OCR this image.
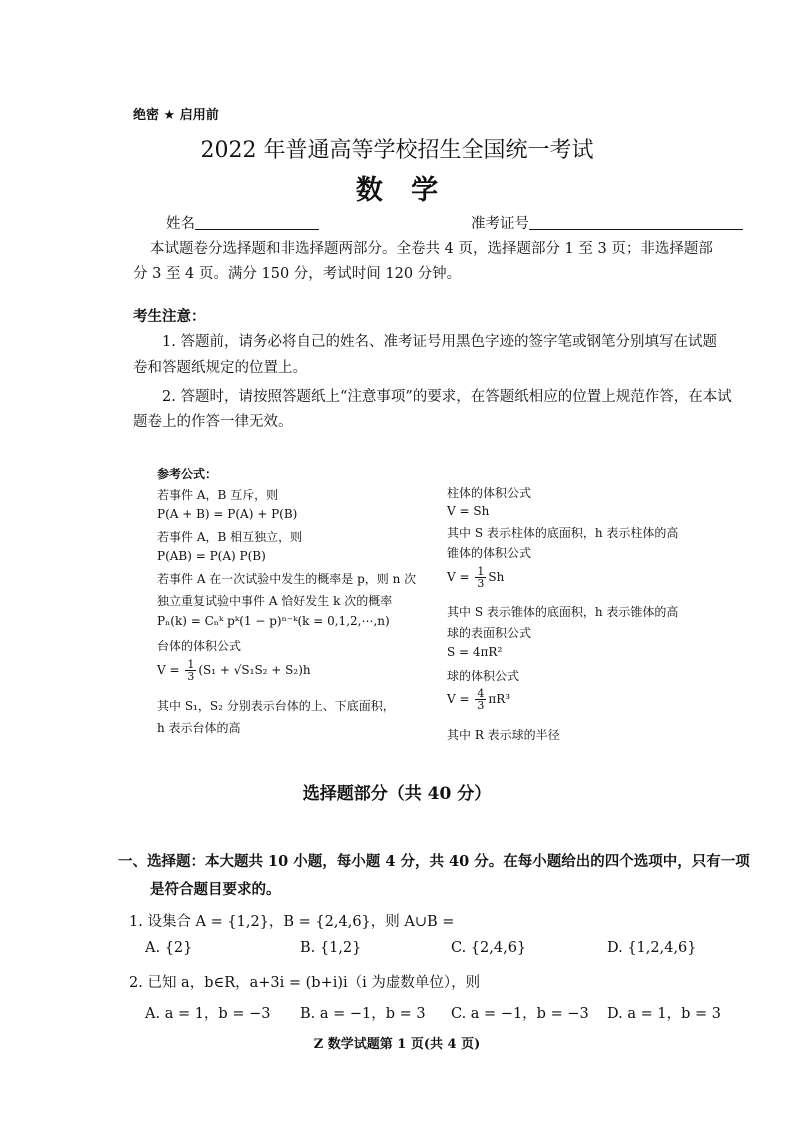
绝密 ★ 启用前
2022 年普通高等学校招生全国统一考试
数   学
姓名	准考证号
本试题卷分选择题和非选择题两部分。全卷共 4 页，选择题部分 1 至 3 页；非选择题部
分 3 至 4 页。满分 150 分，考试时间 120 分钟。
考生注意：
1. 答题前，请务必将自己的姓名、准考证号用黑色字迹的签字笔或钢笔分别填写在试题
卷和答题纸规定的位置上。
2. 答题时，请按照答题纸上“注意事项”的要求，在答题纸相应的位置上规范作答，在本试
题卷上的作答一律无效。
参考公式：
若事件 A，B 互斥，则
P(A + B) = P(A) + P(B)
若事件 A，B 相互独立，则
P(AB) = P(A) P(B)
若事件 A 在一次试验中发生的概率是 p，则 n 次
独立重复试验中事件 A 恰好发生 k 次的概率
Pₙ(k) = Cₙᵏ pᵏ(1 − p)ⁿ⁻ᵏ(k = 0,1,2,⋯,n)
台体的体积公式
$V = \frac{1}{3} (S_1 + √S_1S_2 + S_2)h$
其中 S₁，S₂ 分别表示台体的上、下底面积，
h 表示台体的高
柱体的体积公式
V = Sh
其中 S 表示柱体的底面积，h 表示柱体的高
锥体的体积公式
$V = \frac{1}{3}$ Sh
其中 S 表示锥体的底面积，h 表示锥体的高
球的表面积公式
S = 4πR²
球的体积公式
$V = \frac{4}{3} \pi R^3$
其中 R 表示球的半径
选择题部分（共 40 分）
一、选择题：本大题共 10 小题，每小题 4 分，共 40 分。在每小题给出的四个选项中，只有一项
是符合题目要求的。
1. 设集合 A = {1,2}，B = {2,4,6}，则 A∪B =
A. {2}	B. {1,2}	C. {2,4,6}	D. {1,2,4,6}
2. 已知 a，b∈R，a+3i = (b+i)i（i 为虚数单位），则
A. a = 1，b = −3 B. a = −1，b = 3 C. a = −1，b = −3 D. a = 1，b = 3
Z 数学试题第 1 页(共 4 页)
